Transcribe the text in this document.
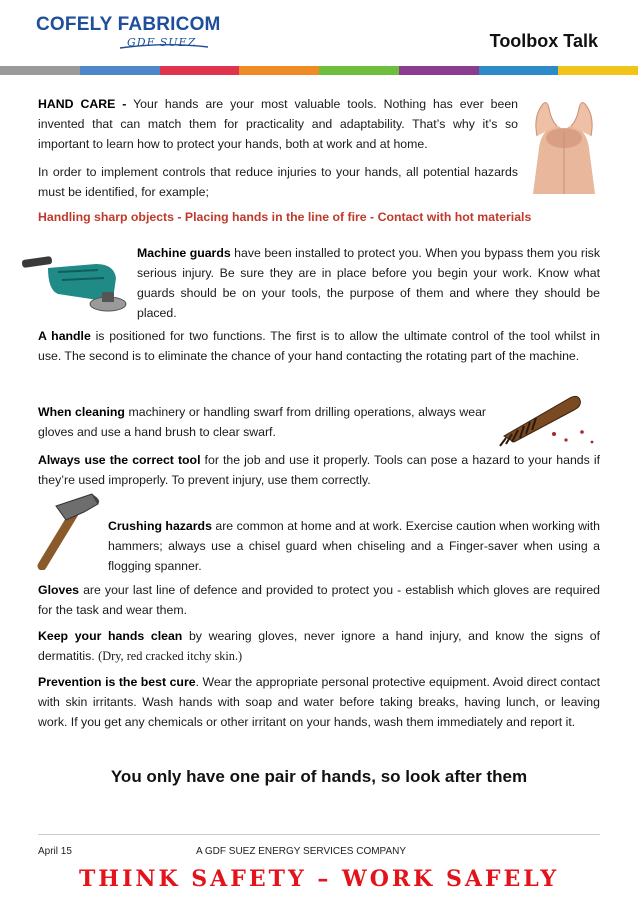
COFELY FABRICOM
GDF SUEZ	Toolbox Talk
HAND CARE - Your hands are your most valuable tools. Nothing has ever been invented that can match them for practicality and adaptability. That’s why it’s so important to learn how to protect your hands, both at work and at home.
In order to implement controls that reduce injuries to your hands, all potential hazards must be identified, for example;
Handling sharp objects - Placing hands in the line of fire - Contact with hot materials
Machine guards have been installed to protect you. When you bypass them you risk serious injury. Be sure they are in place before you begin your work. Know what guards should be on your tools, the purpose of them and where they should be placed.
A handle is positioned for two functions. The first is to allow the ultimate control of the tool whilst in use. The second is to eliminate the chance of your hand contacting the rotating part of the machine.
When cleaning machinery or handling swarf from drilling operations, always wear gloves and use a hand brush to clear swarf.
Always use the correct tool for the job and use it properly. Tools can pose a hazard to your hands if they’re used improperly. To prevent injury, use them correctly.
Crushing hazards are common at home and at work. Exercise caution when working with hammers; always use a chisel guard when chiseling and a Finger-saver when using a flogging spanner.
Gloves are your last line of defence and provided to protect you - establish which gloves are required for the task and wear them.
Keep your hands clean by wearing gloves, never ignore a hand injury, and know the signs of dermatitis. (Dry, red cracked itchy skin.)
Prevention is the best cure. Wear the appropriate personal protective equipment. Avoid direct contact with skin irritants. Wash hands with soap and water before taking breaks, having lunch, or leaving work. If you get any chemicals or other irritant on your hands, wash them immediately and report it.
You only have one pair of hands, so look after them
April 15	A GDF SUEZ ENERGY SERVICES COMPANY
THINK SAFETY – WORK SAFELY
